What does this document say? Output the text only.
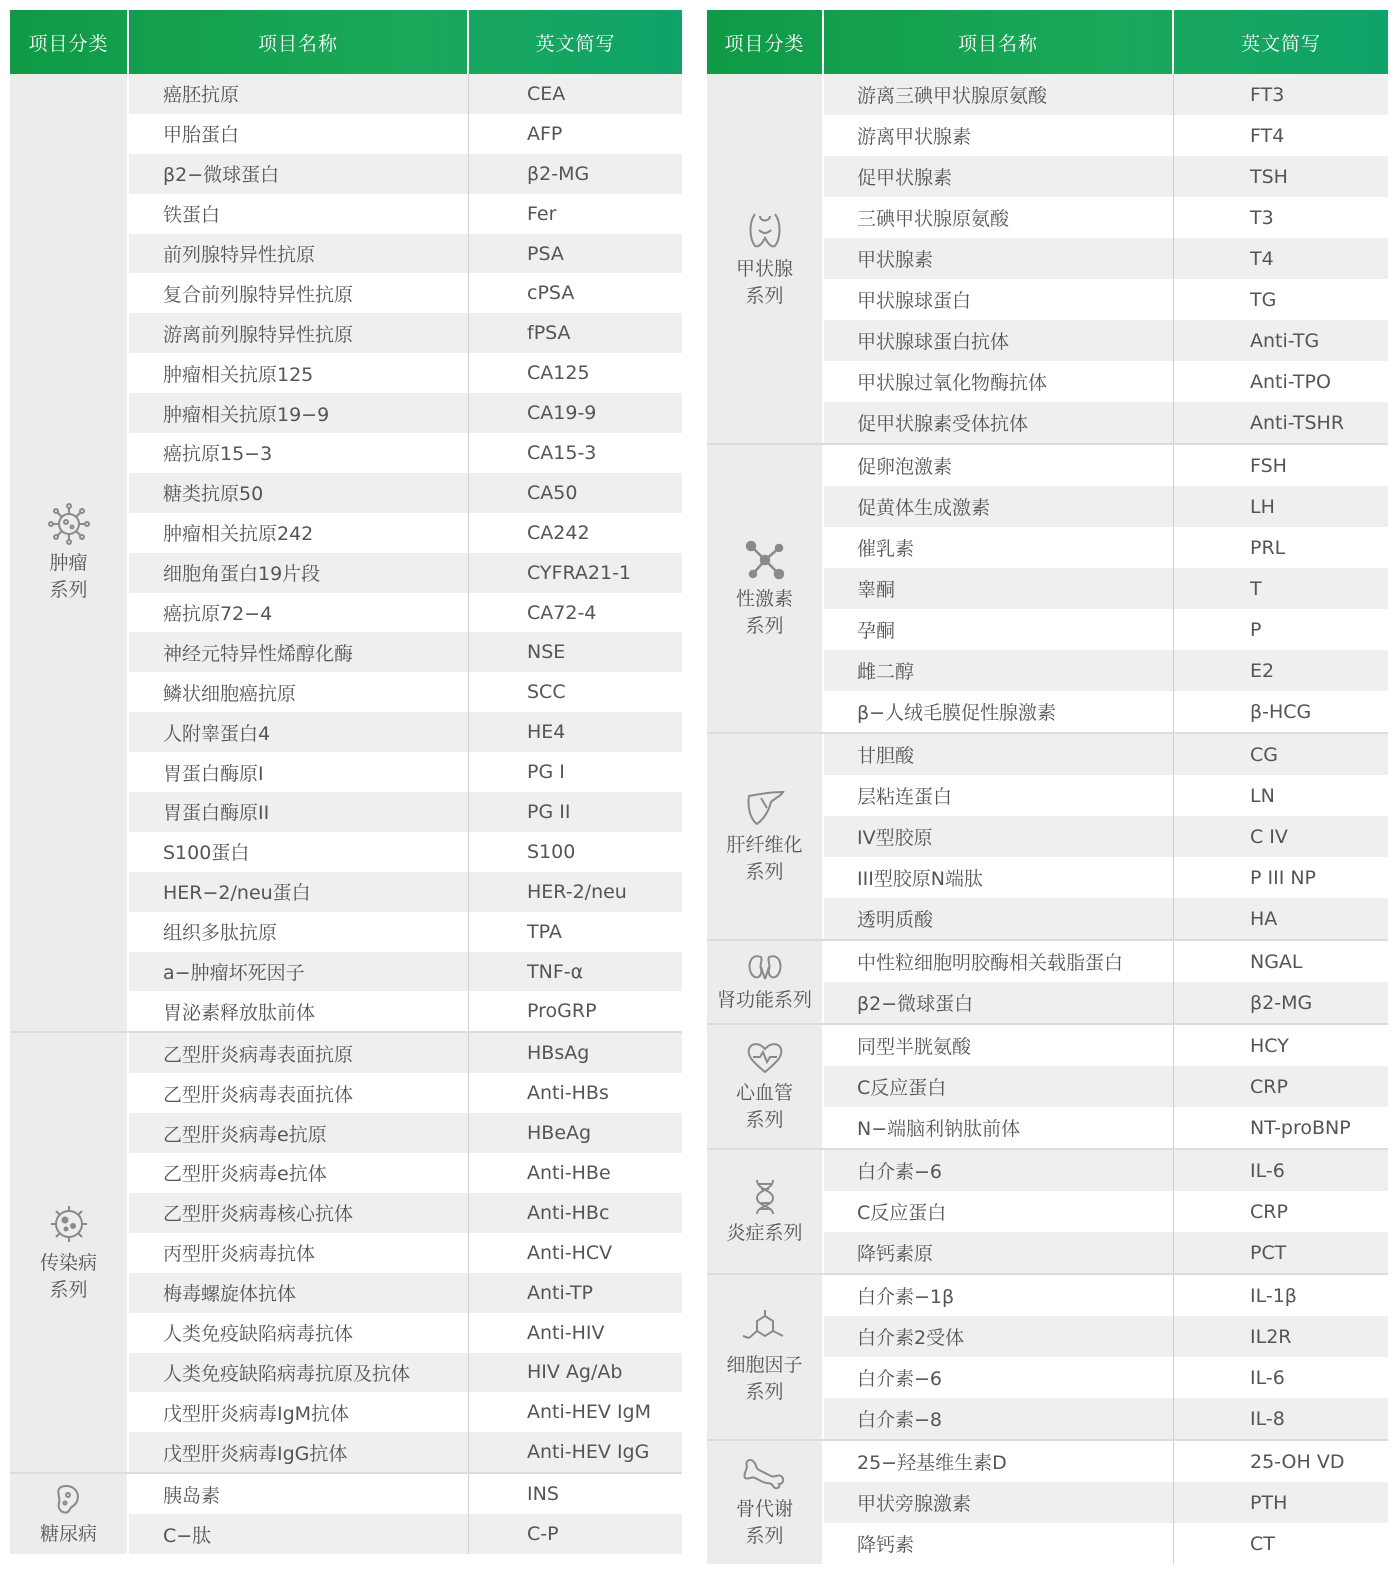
项目分类	项目名称	英文简写
肿瘤
系列
癌胚抗原	CEA
甲胎蛋白	AFP
β2−微球蛋白	β2-MG
铁蛋白	Fer
前列腺特异性抗原	PSA
复合前列腺特异性抗原	cPSA
游离前列腺特异性抗原	fPSA
肿瘤相关抗原125	CA125
肿瘤相关抗原19−9	CA19-9
癌抗原15−3	CA15-3
糖类抗原50	CA50
肿瘤相关抗原242	CA242
细胞角蛋白19片段	CYFRA21-1
癌抗原72−4	CA72-4
神经元特异性烯醇化酶	NSE
鳞状细胞癌抗原	SCC
人附睾蛋白4	HE4
胃蛋白酶原I	PG I
胃蛋白酶原II	PG II
S100蛋白	S100
HER−2/neu蛋白	HER-2/neu
组织多肽抗原	TPA
a−肿瘤坏死因子	TNF-α
胃泌素释放肽前体	ProGRP
传染病
系列
乙型肝炎病毒表面抗原	HBsAg
乙型肝炎病毒表面抗体	Anti-HBs
乙型肝炎病毒e抗原	HBeAg
乙型肝炎病毒e抗体	Anti-HBe
乙型肝炎病毒核心抗体	Anti-HBc
丙型肝炎病毒抗体	Anti-HCV
梅毒螺旋体抗体	Anti-TP
人类免疫缺陷病毒抗体	Anti-HIV
人类免疫缺陷病毒抗原及抗体	HIV Ag/Ab
戊型肝炎病毒IgM抗体	Anti-HEV IgM
戊型肝炎病毒IgG抗体	Anti-HEV IgG
糖尿病
胰岛素	INS
C−肽	C-P
项目分类	项目名称	英文简写
甲状腺
系列
游离三碘甲状腺原氨酸	FT3
游离甲状腺素	FT4
促甲状腺素	TSH
三碘甲状腺原氨酸	T3
甲状腺素	T4
甲状腺球蛋白	TG
甲状腺球蛋白抗体	Anti-TG
甲状腺过氧化物酶抗体	Anti-TPO
促甲状腺素受体抗体	Anti-TSHR
性激素
系列
促卵泡激素	FSH
促黄体生成激素	LH
催乳素	PRL
睾酮	T
孕酮	P
雌二醇	E2
β−人绒毛膜促性腺激素	β-HCG
肝纤维化
系列
甘胆酸	CG
层粘连蛋白	LN
IV型胶原	C IV
III型胶原N端肽	P III NP
透明质酸	HA
肾功能系列
中性粒细胞明胶酶相关载脂蛋白	NGAL
β2−微球蛋白	β2-MG
心血管
系列
同型半胱氨酸	HCY
C反应蛋白	CRP
N−端脑利钠肽前体	NT-proBNP
炎症系列
白介素−6	IL-6
C反应蛋白	CRP
降钙素原	PCT
细胞因子
系列
白介素−1β	IL-1β
白介素2受体	IL2R
白介素−6	IL-6
白介素−8	IL-8
骨代谢
系列
25−羟基维生素D	25-OH VD
甲状旁腺激素	PTH
降钙素	CT
